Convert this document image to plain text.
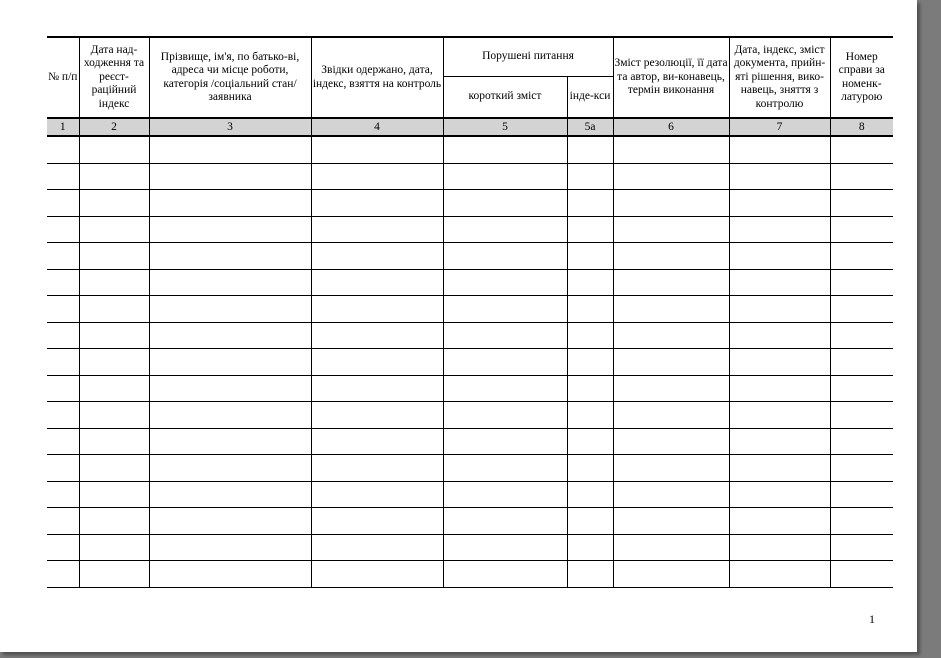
№ п/п	Дата над-ходження та реєст-раційний індекс	Прізвище, ім'я, по батько-ві, адреса чи місце роботи, категорія /соціальний стан/ заявника	Звідки одержано, дата, індекс, взяття на контроль	Порушені питання		Зміст резолюції, її дата та автор, ви-конавець, термін виконання	Дата, індекс, зміст документа, прийн-яті рішення, вико-навець, зняття з контролю	Номер справи за номенк-латурою
				короткий зміст	інде-кси			
1	2	3	4	5	5а	6	7	8

1
